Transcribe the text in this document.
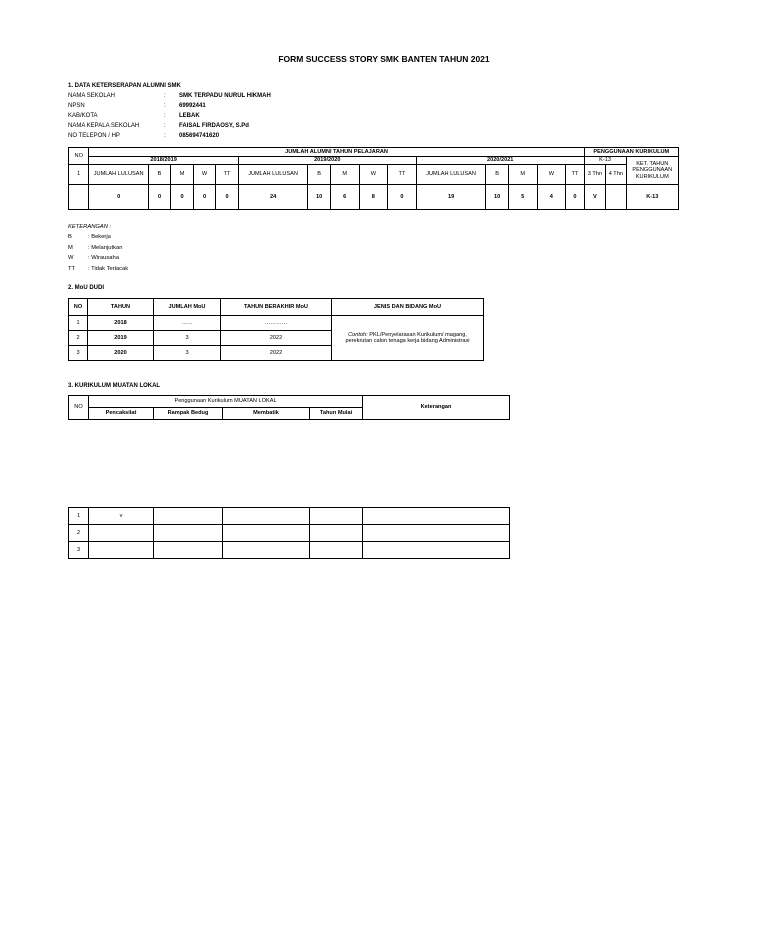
FORM SUCCESS STORY SMK BANTEN TAHUN 2021
1. DATA KETERSERAPAN ALUMNI SMK
NAMA SEKOLAH	: SMK TERPADU NURUL HIKMAH
NPSN	: 69992441
KAB/KOTA	: LEBAK
NAMA KEPALA SEKOLAH	: FAISAL FIRDAOSY, S.Pd
NO TELEPON / HP	: 085694741620
NO	JUMLAH ALUMNI TAHUN PELAJARAN															PENGGUNAAN KURIKULUM		
	2018/2019					2019/2020					2020/2021					K-13		KET. TAHUN PENGGUNAAN KURIKULUM
1	JUMLAH LULUSAN	B	M	W	TT	JUMLAH LULUSAN	B	M	W	TT	JUMLAH LULUSAN	B	M	W	TT	3 Thn	4 Thn	
	0	0	0	0	0	24	10	6	8	0	19	10	5	4	0	V		K-13
KETERANGAN :
B	: Bekerja
M	: Melanjutkan
W	: Wirausaha
TT : Tidak Terlacak
2. MoU DUDI
NO	TAHUN	JUMLAH MoU	TAHUN BERAKHIR MoU	JENIS DAN BIDANG MoU
1	2018	……	…………	Contoh: PKL/Penyelarasan Kurikulum/ magang, perekrutan calon tenaga kerja bidang Administrasi
2	2019	3	2022	
3	2020	3	2022	
3. KURIKULUM MUATAN LOKAL
NO	Penggunaan Kurikulum MUATAN LOKAL				Keterangan
	Pencaksilat	Rampak Bedug	Membatik	Tahun Mulai	
1	v				
2					
3					
